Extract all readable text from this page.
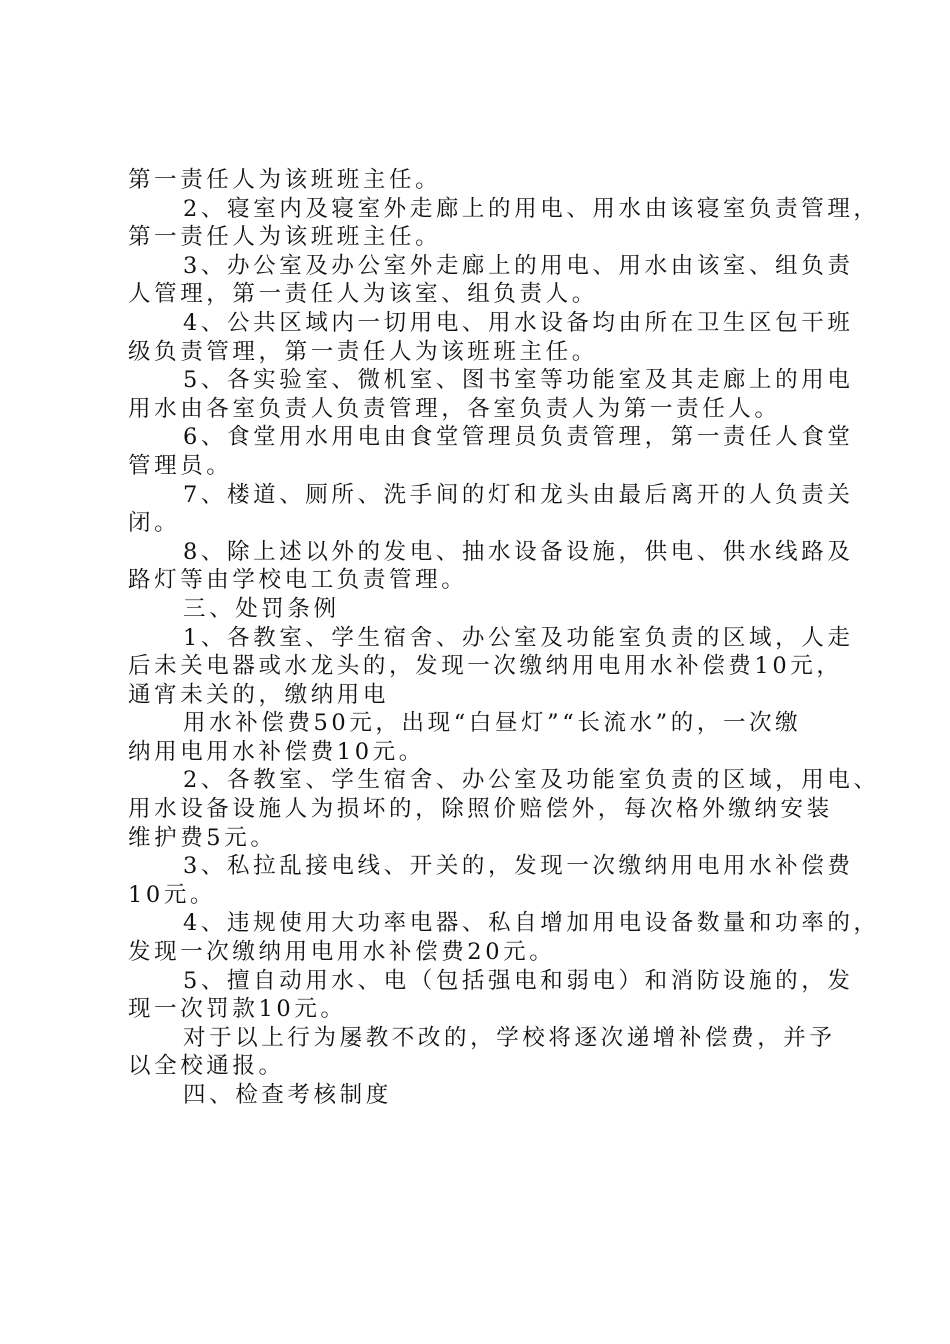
第一责任人为该班班主任。
2、寝室内及寝室外走廊上的用电、用水由该寝室负责管理，
第一责任人为该班班主任。
3、办公室及办公室外走廊上的用电、用水由该室、组负责
人管理，第一责任人为该室、组负责人。
4、公共区域内一切用电、用水设备均由所在卫生区包干班
级负责管理，第一责任人为该班班主任。
5、各实验室、微机室、图书室等功能室及其走廊上的用电
用水由各室负责人负责管理，各室负责人为第一责任人。
6、食堂用水用电由食堂管理员负责管理，第一责任人食堂
管理员。
7、楼道、厕所、洗手间的灯和龙头由最后离开的人负责关
闭。
8、除上述以外的发电、抽水设备设施，供电、供水线路及
路灯等由学校电工负责管理。
三、处罚条例
1、各教室、学生宿舍、办公室及功能室负责的区域，人走
后未关电器或水龙头的，发现一次缴纳用电用水补偿费10元，
通宵未关的，缴纳用电
用水补偿费50元，出现“白昼灯”“长流水”的，一次缴
纳用电用水补偿费10元。
2、各教室、学生宿舍、办公室及功能室负责的区域，用电、
用水设备设施人为损坏的，除照价赔偿外，每次格外缴纳安装
维护费5元。
3、私拉乱接电线、开关的，发现一次缴纳用电用水补偿费
10元。
4、违规使用大功率电器、私自增加用电设备数量和功率的，
发现一次缴纳用电用水补偿费20元。
5、擅自动用水、电（包括强电和弱电）和消防设施的，发
现一次罚款10元。
对于以上行为屡教不改的，学校将逐次递增补偿费，并予
以全校通报。
四、检查考核制度
